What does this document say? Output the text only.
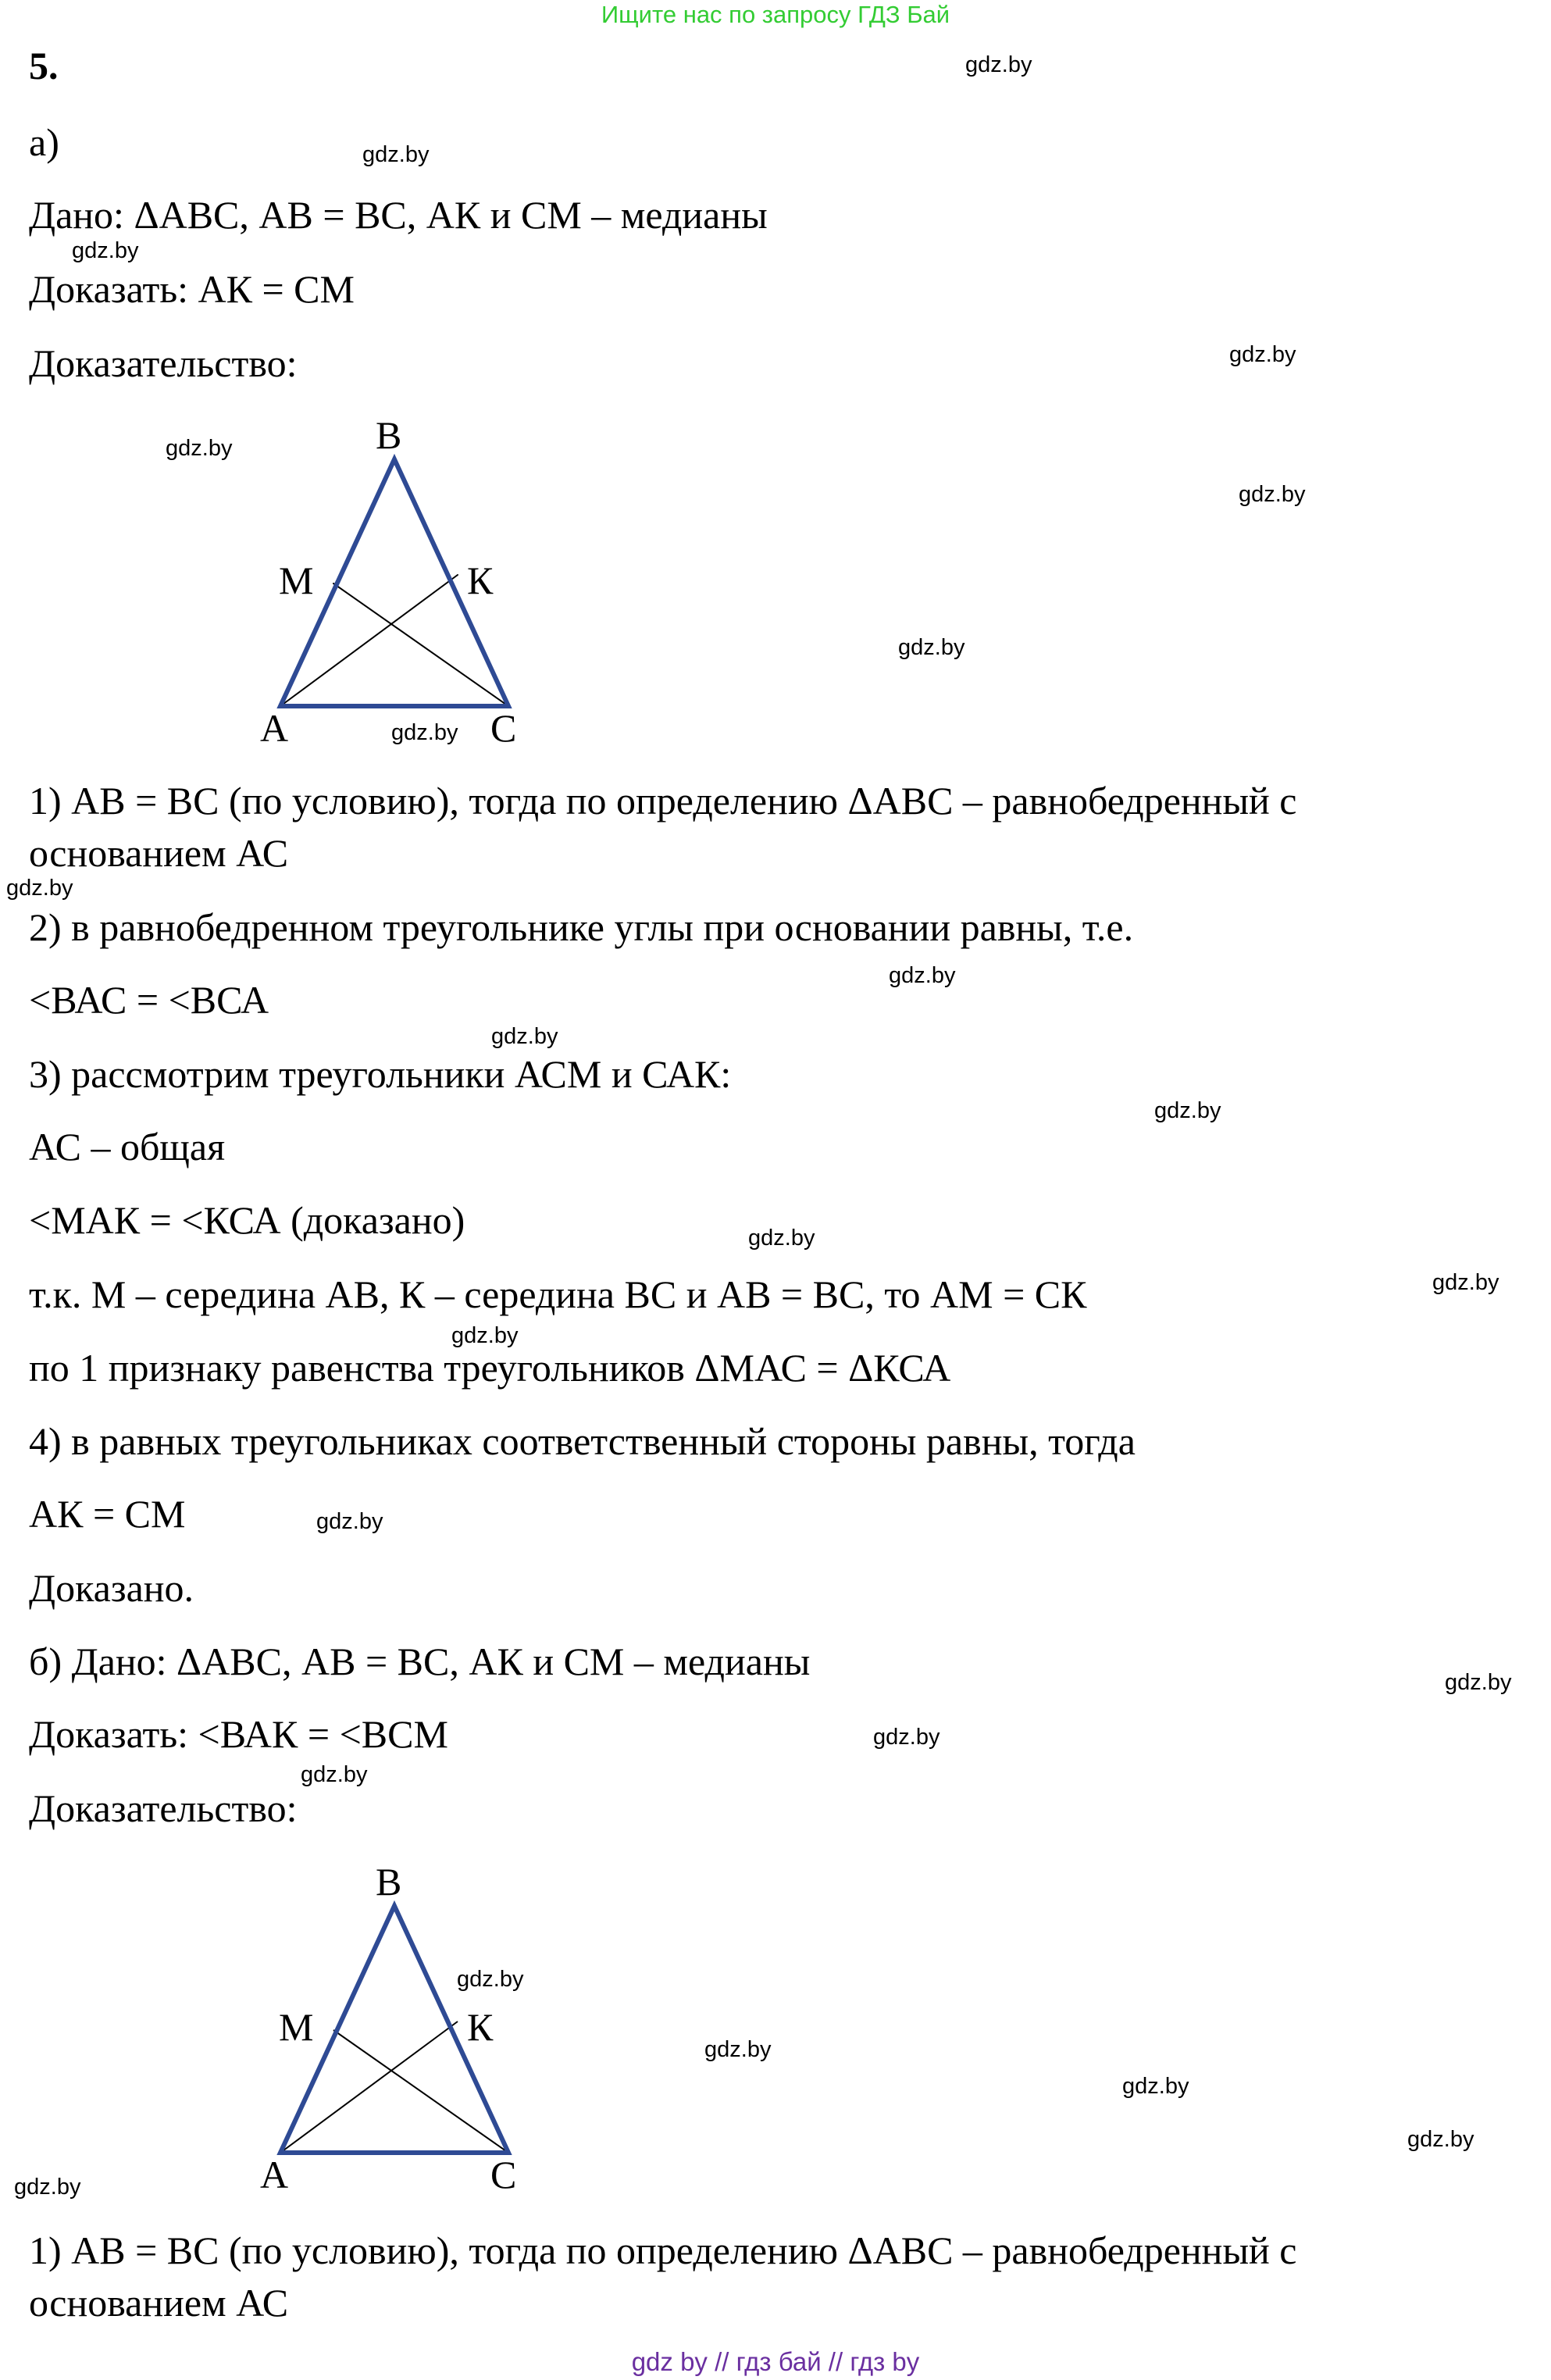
Ищите нас по запросу ГДЗ Бай
5.
а)
Дано: ΔАВС, АВ = ВС, АК и СМ – медианы
Доказать: АК = СМ
Доказательство:
B
M	К
A	C
B
M	К
A	C
1) АВ = ВС (по условию), тогда по определению ΔАВС – равнобедренный с
основанием АС
2) в равнобедренном треугольнике углы при основании равны, т.е.
<ВАС = <ВСА
3) рассмотрим треугольники АСМ и САК:
АС – общая
<МАК = <КСА (доказано)
т.к. М – середина АВ, К – середина ВС и АВ = ВС, то АМ = СК
по 1 признаку равенства треугольников ΔМАС = ΔКСА
4) в равных треугольниках соответственный стороны равны, тогда
АК = СМ
Доказано.
б) Дано: ΔАВС, АВ = ВС, АК и СМ – медианы
Доказать: <ВАК = <ВСМ
Доказательство:
1) АВ = ВС (по условию), тогда по определению ΔАВС – равнобедренный с
основанием АС
gdz.by
gdz.by
gdz.by
gdz.by
gdz.by
gdz.by
gdz.by
gdz.by
gdz.by
gdz.by
gdz.by
gdz.by
gdz.by
gdz.by
gdz.by
gdz.by
gdz.by
gdz.by
gdz.by
gdz.by
gdz.by
gdz.by
gdz.by
gdz.by
gdz by // гдз бай // гдз by
